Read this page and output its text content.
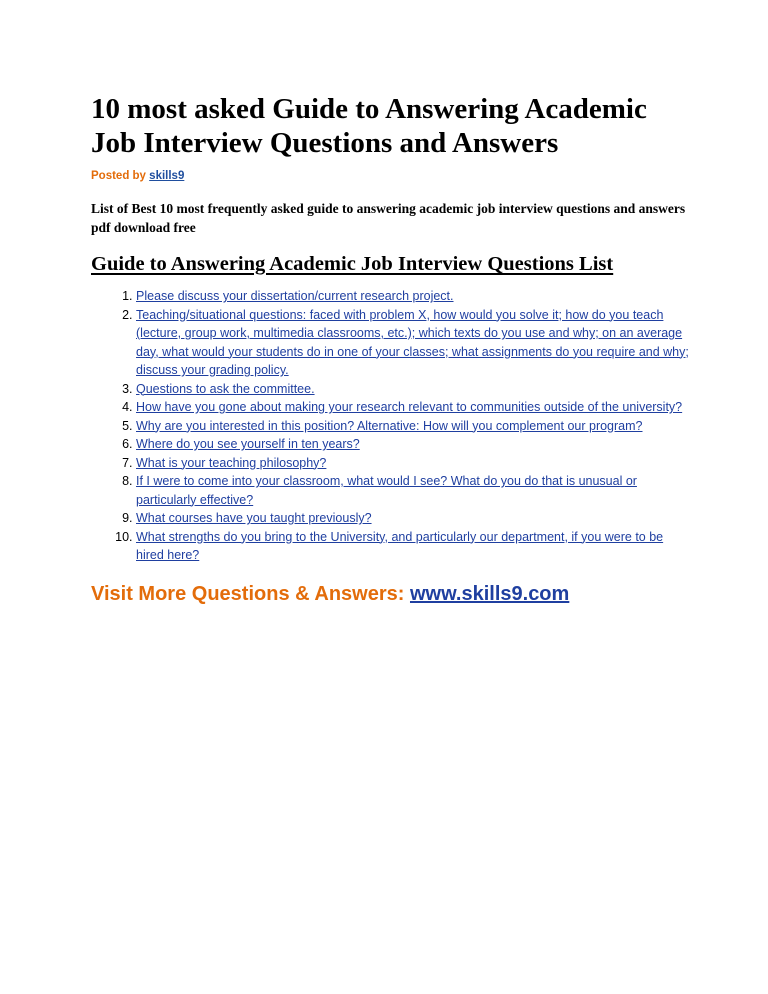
10 most asked Guide to Answering Academic Job Interview Questions and Answers
Posted by skills9
List of Best 10 most frequently asked guide to answering academic job interview questions and answers pdf download free
Guide to Answering Academic Job Interview Questions List
1. Please discuss your dissertation/current research project.
2. Teaching/situational questions: faced with problem X, how would you solve it; how do you teach (lecture, group work, multimedia classrooms, etc.); which texts do you use and why; on an average day, what would your students do in one of your classes; what assignments do you require and why; discuss your grading policy.
3. Questions to ask the committee.
4. How have you gone about making your research relevant to communities outside of the university?
5. Why are you interested in this position? Alternative: How will you complement our program?
6. Where do you see yourself in ten years?
7. What is your teaching philosophy?
8. If I were to come into your classroom, what would I see? What do you do that is unusual or particularly effective?
9. What courses have you taught previously?
10. What strengths do you bring to the University, and particularly our department, if you were to be hired here?
Visit More Questions & Answers: www.skills9.com
